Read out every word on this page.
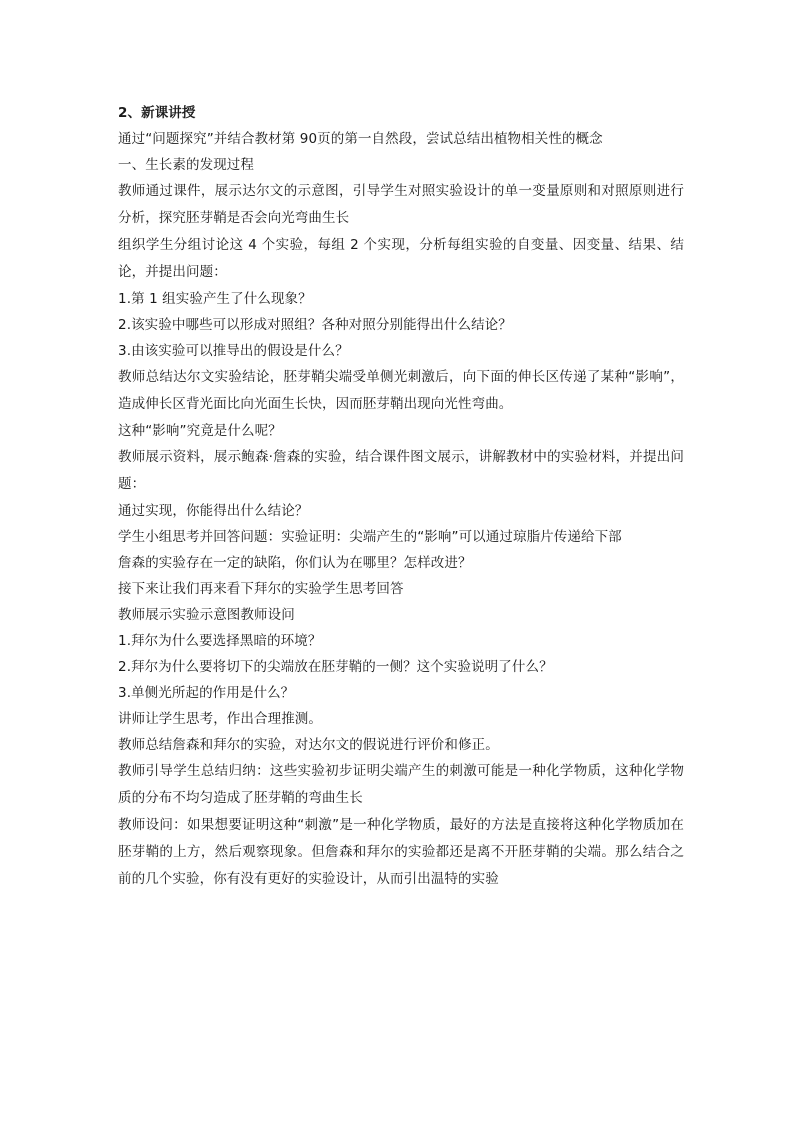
2、新课讲授
通过“问题探究”并结合教材第 90页的第一自然段，尝试总结出植物相关性的概念
一、生长素的发现过程
教师通过课件，展示达尔文的示意图，引导学生对照实验设计的单一变量原则和对照原则进行分析，探究胚芽鞘是否会向光弯曲生长
组织学生分组讨论这 4 个实验，每组 2 个实现，分析每组实验的自变量、因变量、结果、结论，并提出问题：
1.第 1 组实验产生了什么现象？
2.该实验中哪些可以形成对照组？各种对照分别能得出什么结论？
3.由该实验可以推导出的假设是什么？
教师总结达尔文实验结论，胚芽鞘尖端受单侧光刺激后，向下面的伸长区传递了某种“影响”，造成伸长区背光面比向光面生长快，因而胚芽鞘出现向光性弯曲。
这种“影响”究竟是什么呢？
教师展示资料，展示鲍森·詹森的实验，结合课件图文展示，讲解教材中的实验材料，并提出问题：
通过实现，你能得出什么结论？
学生小组思考并回答问题：实验证明：尖端产生的“影响”可以通过琼脂片传递给下部
詹森的实验存在一定的缺陷，你们认为在哪里？怎样改进？
接下来让我们再来看下拜尔的实验学生思考回答
教师展示实验示意图教师设问
1.拜尔为什么要选择黑暗的环境？
2.拜尔为什么要将切下的尖端放在胚芽鞘的一侧？这个实验说明了什么？
3.单侧光所起的作用是什么？
讲师让学生思考，作出合理推测。
教师总结詹森和拜尔的实验，对达尔文的假说进行评价和修正。
教师引导学生总结归纳：这些实验初步证明尖端产生的刺激可能是一种化学物质，这种化学物质的分布不均匀造成了胚芽鞘的弯曲生长
教师设问：如果想要证明这种“刺激”是一种化学物质，最好的方法是直接将这种化学物质加在胚芽鞘的上方，然后观察现象。但詹森和拜尔的实验都还是离不开胚芽鞘的尖端。那么结合之前的几个实验，你有没有更好的实验设计，从而引出温特的实验
